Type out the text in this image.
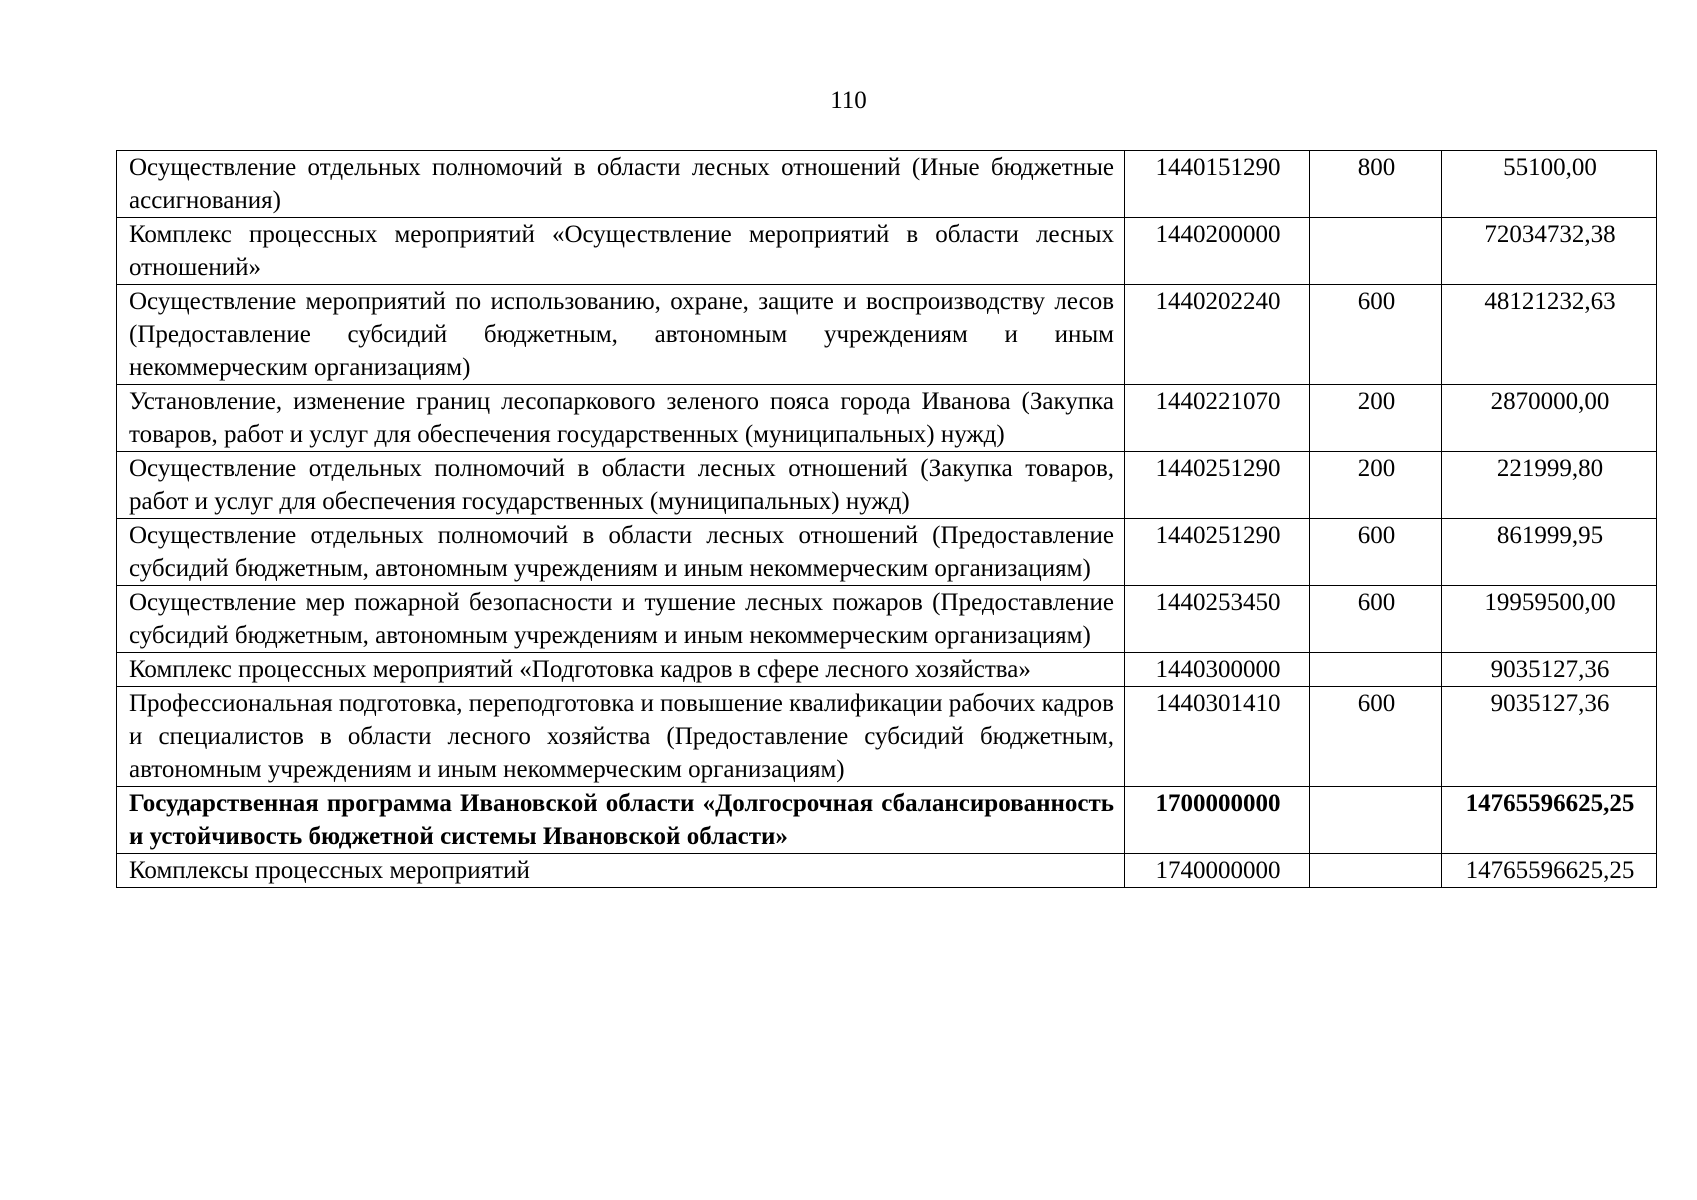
110
Осуществление отдельных полномочий в области лесных отношений (Иные бюджетные ассигнования)	1440151290	800	55100,00
Комплекс процессных мероприятий «Осуществление мероприятий в области лесных отношений»	1440200000		72034732,38
Осуществление мероприятий по использованию, охране, защите и воспроизводству лесов (Предоставление субсидий бюджетным, автономным учреждениям и иным некоммерческим организациям)	1440202240	600	48121232,63
Установление, изменение границ лесопаркового зеленого пояса города Иванова (Закупка товаров, работ и услуг для обеспечения государственных (муниципальных) нужд)	1440221070	200	2870000,00
Осуществление отдельных полномочий в области лесных отношений (Закупка товаров, работ и услуг для обеспечения государственных (муниципальных) нужд)	1440251290	200	221999,80
Осуществление отдельных полномочий в области лесных отношений (Предоставление субсидий бюджетным, автономным учреждениям и иным некоммерческим организациям)	1440251290	600	861999,95
Осуществление мер пожарной безопасности и тушение лесных пожаров (Предоставление субсидий бюджетным, автономным учреждениям и иным некоммерческим организациям)	1440253450	600	19959500,00
Комплекс процессных мероприятий «Подготовка кадров в сфере лесного хозяйства»	1440300000		9035127,36
Профессиональная подготовка, переподготовка и повышение квалификации рабочих кадров и специалистов в области лесного хозяйства (Предоставление субсидий бюджетным, автономным учреждениям и иным некоммерческим организациям)	1440301410	600	9035127,36
Государственная программа Ивановской области «Долгосрочная сбалансированность и устойчивость бюджетной системы Ивановской области»	1700000000		14765596625,25
Комплексы процессных мероприятий	1740000000		14765596625,25
